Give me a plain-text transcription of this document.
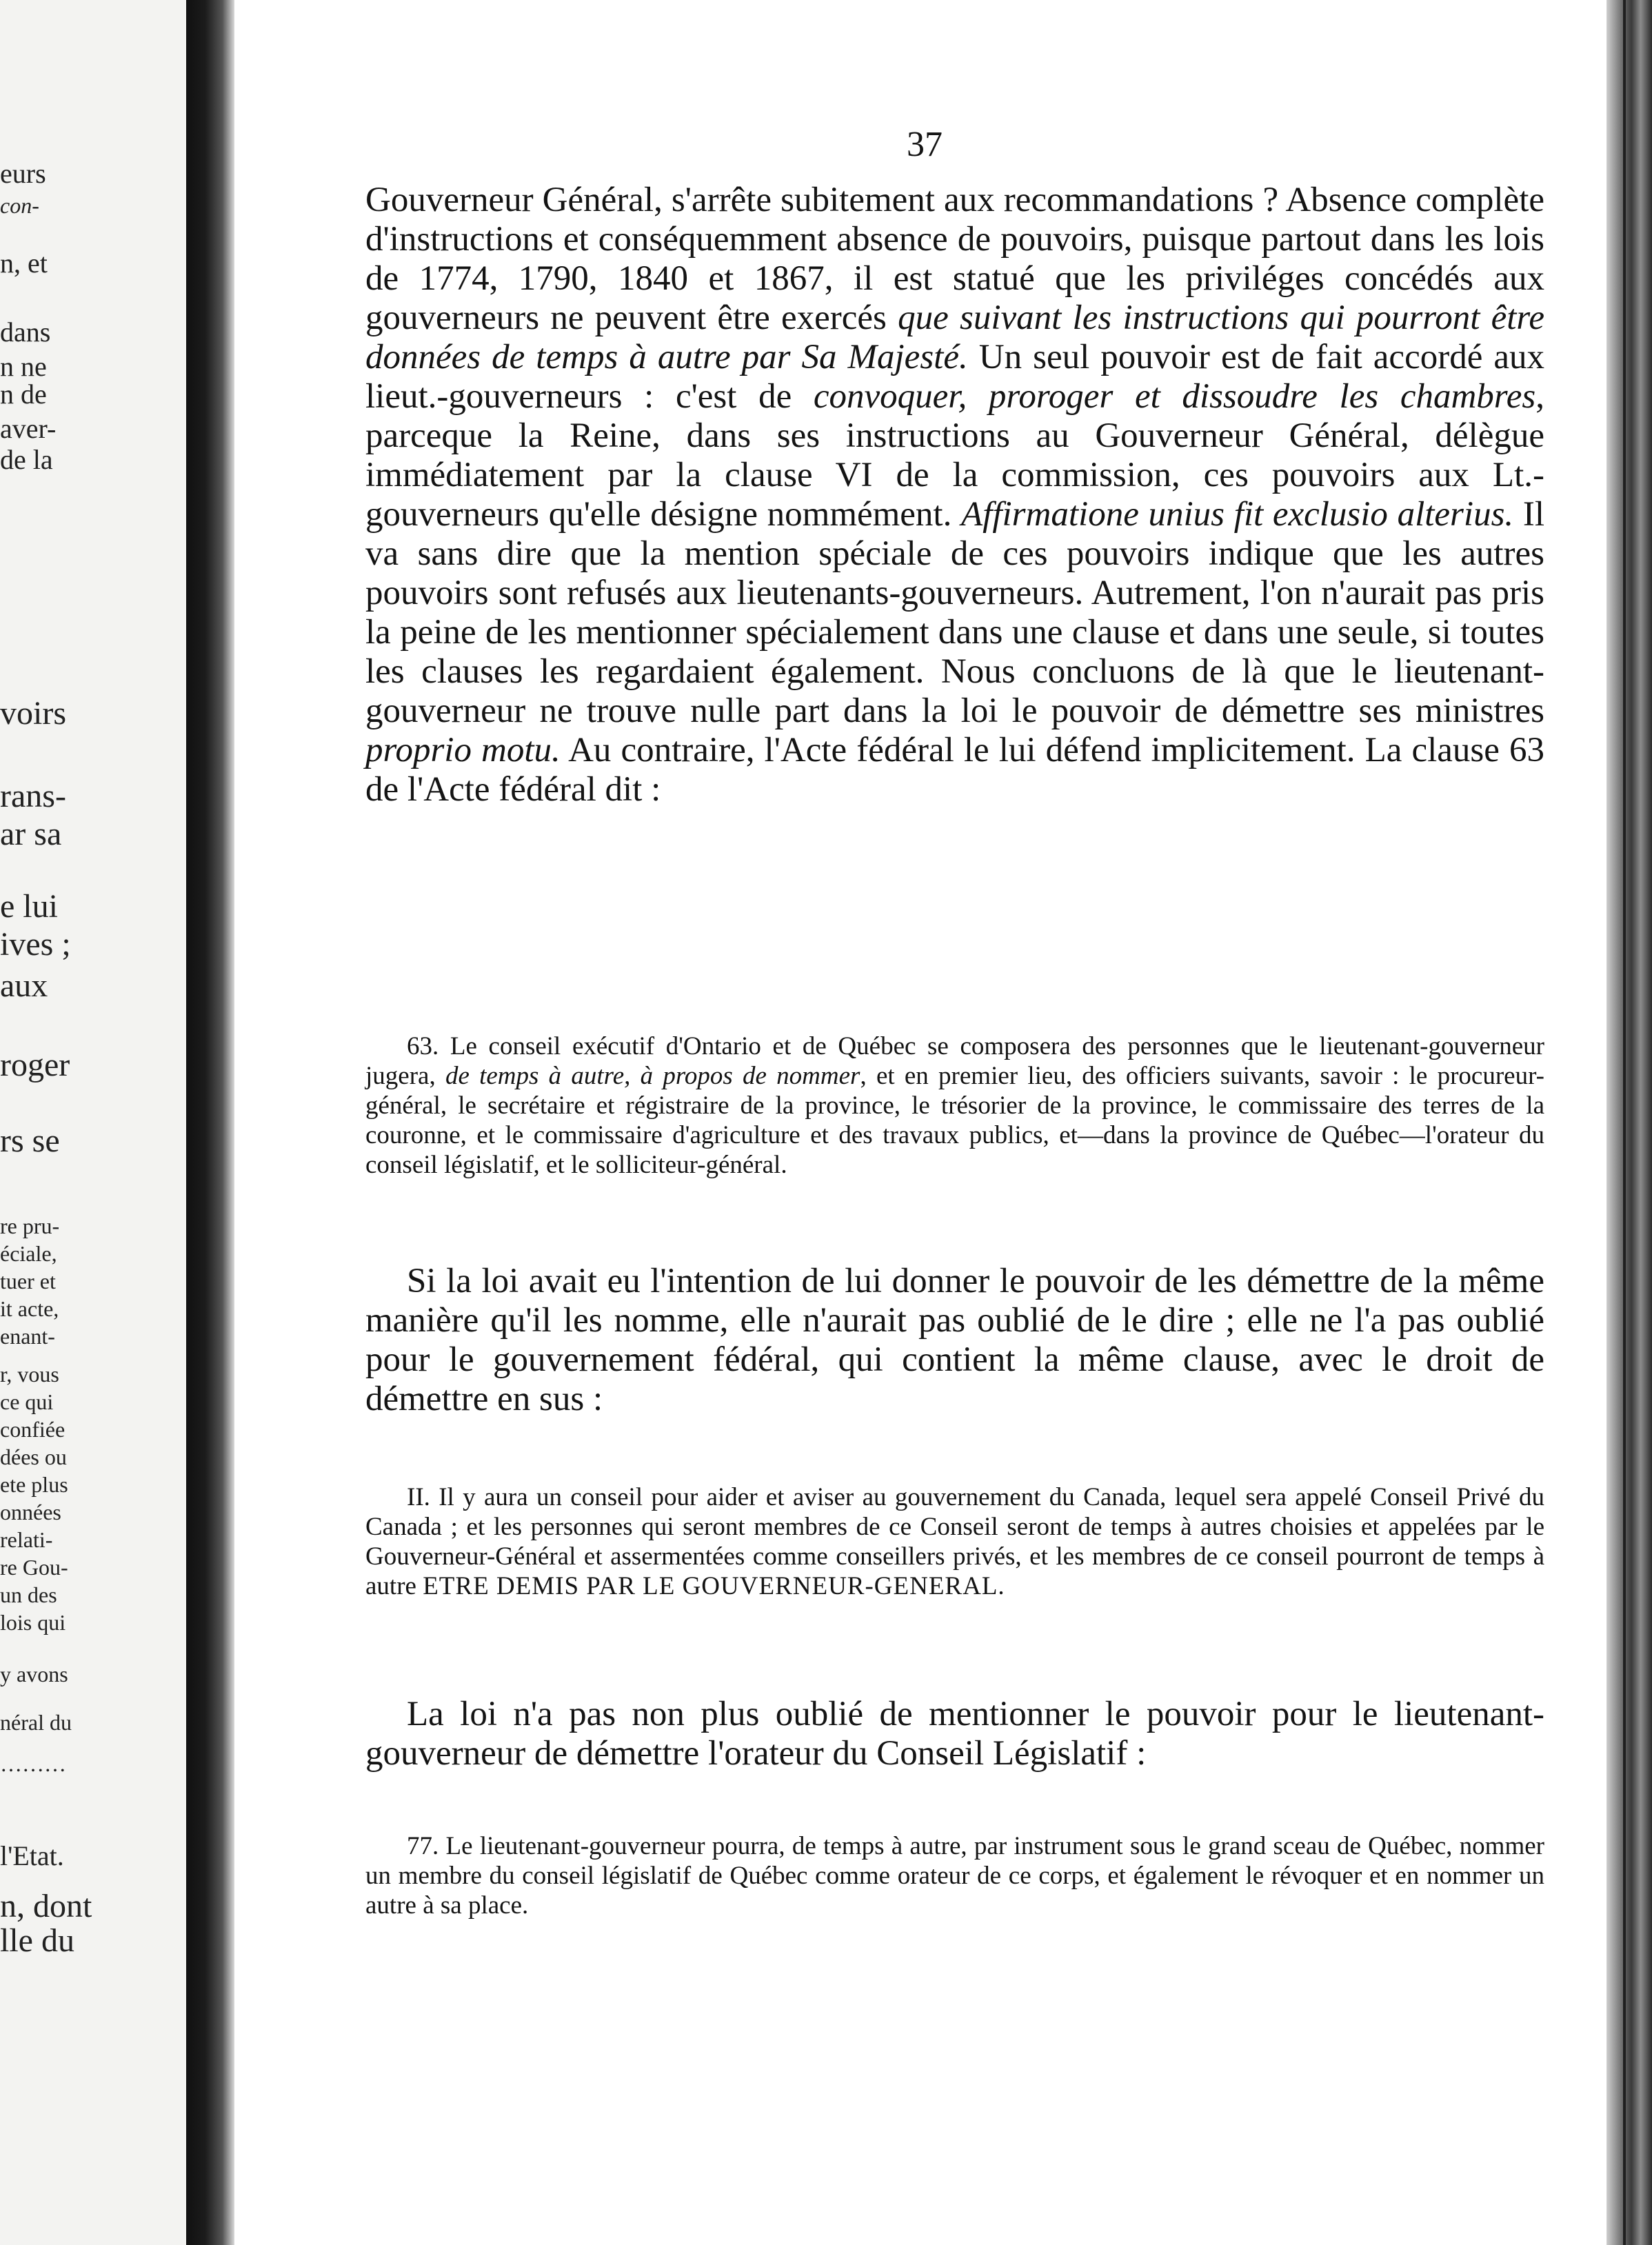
eurs
con-
n, et
dans
n ne
n de
aver-
de la
voirs
rans-
ar sa
e lui
ives ;
aux
roger
rs se
re pru-
éciale,
tuer et
it acte,
enant-
r, vous
ce qui
confiée
dées ou
ete plus
onnées
relati-
re Gou-
un des
lois qui
y avons
néral du
………
l'Etat.
n, dont
lle du
37

Gouverneur Général, s'arrête subitement aux recommandations ? Absence complète d'instructions et conséquemment absence de pouvoirs, puisque partout dans les lois de 1774, 1790, 1840 et 1867, il est statué que les priviléges concédés aux gouverneurs ne peuvent être exercés que suivant les instructions qui pourront être données de temps à autre par Sa Majesté. Un seul pouvoir est de fait accordé aux lieut.-gouverneurs : c'est de convoquer, proroger et dissoudre les chambres, parceque la Reine, dans ses instructions au Gouverneur Général, délègue immédiatement par la clause VI de la commission, ces pouvoirs aux Lt.-gouverneurs qu'elle désigne nommément. Affirmatione unius fit exclusio alterius. Il va sans dire que la mention spéciale de ces pouvoirs indique que les autres pouvoirs sont refusés aux lieutenants-gouverneurs. Autrement, l'on n'aurait pas pris la peine de les mentionner spécialement dans une clause et dans une seule, si toutes les clauses les regardaient également. Nous concluons de là que le lieutenant-gouverneur ne trouve nulle part dans la loi le pouvoir de démettre ses ministres proprio motu. Au contraire, l'Acte fédéral le lui défend implicitement. La clause 63 de l'Acte fédéral dit :

63. Le conseil exécutif d'Ontario et de Québec se composera des personnes que le lieutenant-gouverneur jugera, de temps à autre, à propos de nommer, et en premier lieu, des officiers suivants, savoir : le procureur-général, le secrétaire et régistraire de la province, le trésorier de la province, le commissaire des terres de la couronne, et le commissaire d'agriculture et des travaux publics, et—dans la province de Québec—l'orateur du conseil législatif, et le solliciteur-général.

Si la loi avait eu l'intention de lui donner le pouvoir de les démettre de la même manière qu'il les nomme, elle n'aurait pas oublié de le dire ; elle ne l'a pas oublié pour le gouvernement fédéral, qui contient la même clause, avec le droit de démettre en sus :

II. Il y aura un conseil pour aider et aviser au gouvernement du Canada, lequel sera appelé Conseil Privé du Canada ; et les personnes qui seront membres de ce Conseil seront de temps à autres choisies et appelées par le Gouverneur-Général et assermentées comme conseillers privés, et les membres de ce conseil pourront de temps à autre ETRE DEMIS PAR LE GOUVERNEUR-GENERAL.

La loi n'a pas non plus oublié de mentionner le pouvoir pour le lieutenant-gouverneur de démettre l'orateur du Conseil Législatif :

77. Le lieutenant-gouverneur pourra, de temps à autre, par instrument sous le grand sceau de Québec, nommer un membre du conseil législatif de Québec comme orateur de ce corps, et également le révoquer et en nommer un autre à sa place.
